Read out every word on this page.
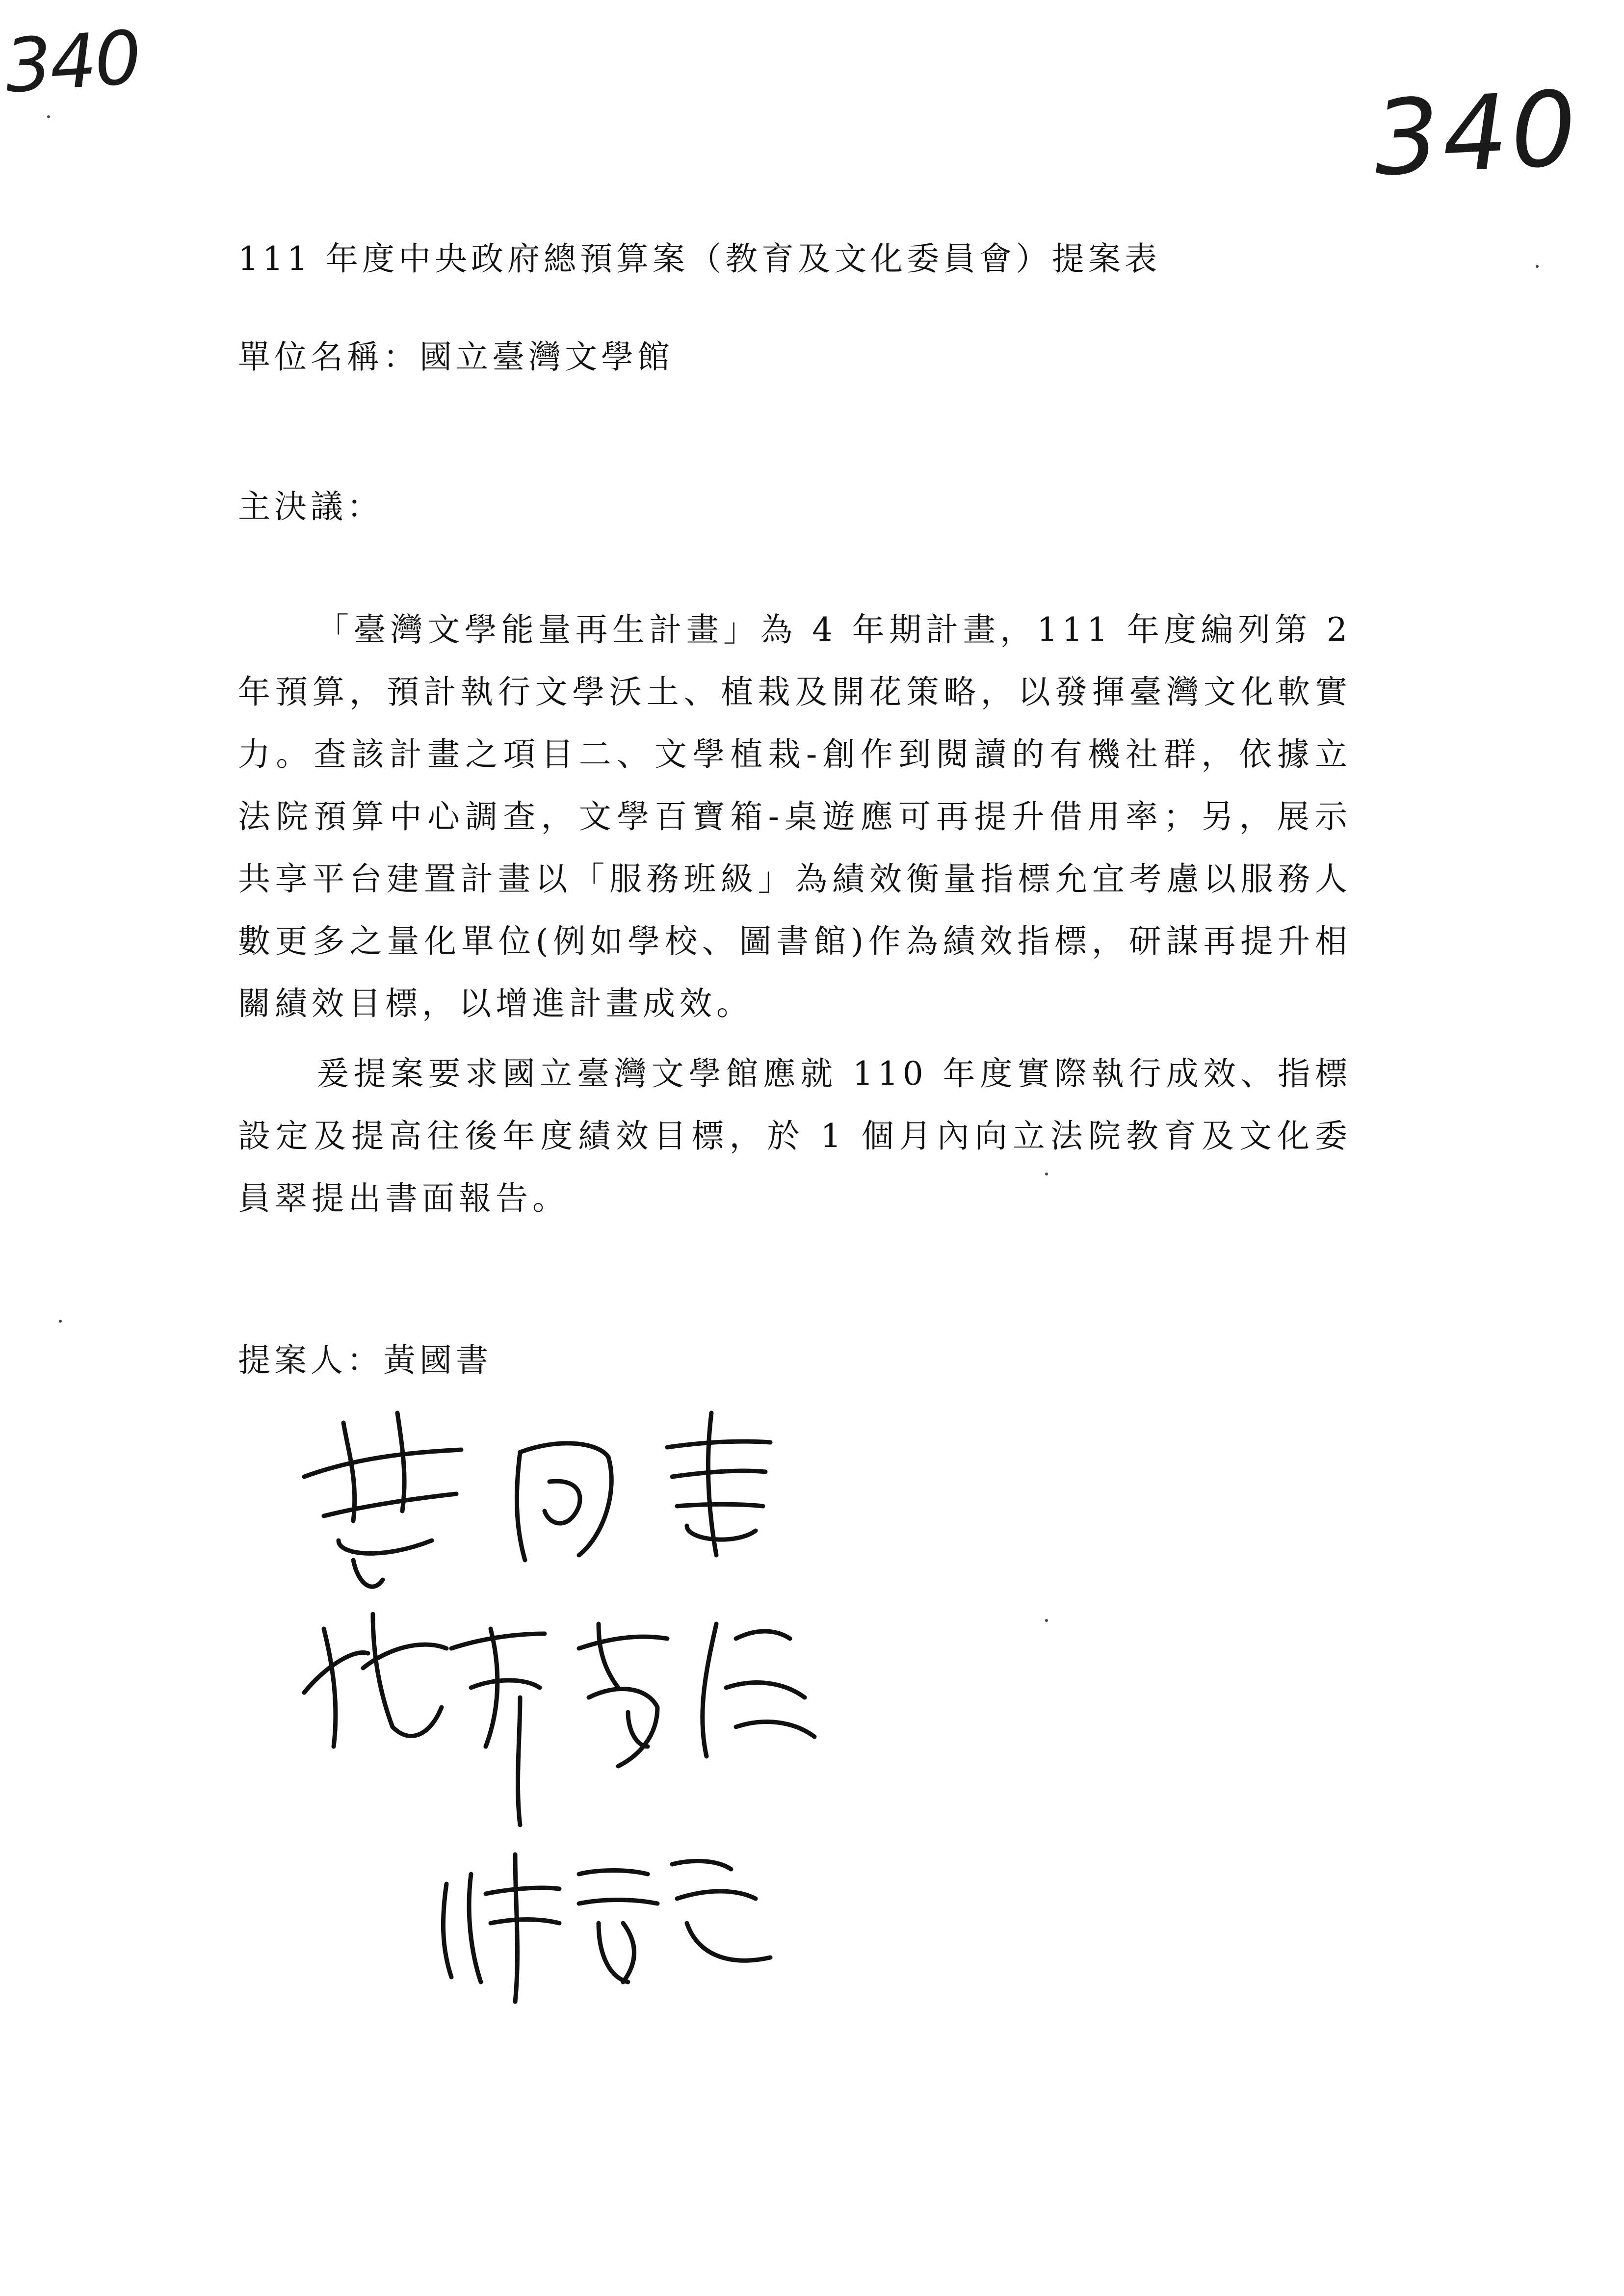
340
340
111 年度中央政府總預算案（教育及文化委員會）提案表
單位名稱：國立臺灣文學館
主決議：

「臺灣文學能量再生計畫」為 4 年期計畫，111 年度編列第 2 年預算，預計執行文學沃土、植栽及開花策略，以發揮臺灣文化軟實力。查該計畫之項目二、文學植栽-創作到閱讀的有機社群，依據立法院預算中心調查，文學百寶箱-桌遊應可再提升借用率；另，展示共享平台建置計畫以「服務班級」為績效衡量指標允宜考慮以服務人數更多之量化單位(例如學校、圖書館)作為績效指標，研謀再提升相關績效目標，以增進計畫成效。

爰提案要求國立臺灣文學館應就 110 年度實際執行成效、指標設定及提高往後年度績效目標，於 1 個月內向立法院教育及文化委員翠提出書面報告。

提案人：黃國書
